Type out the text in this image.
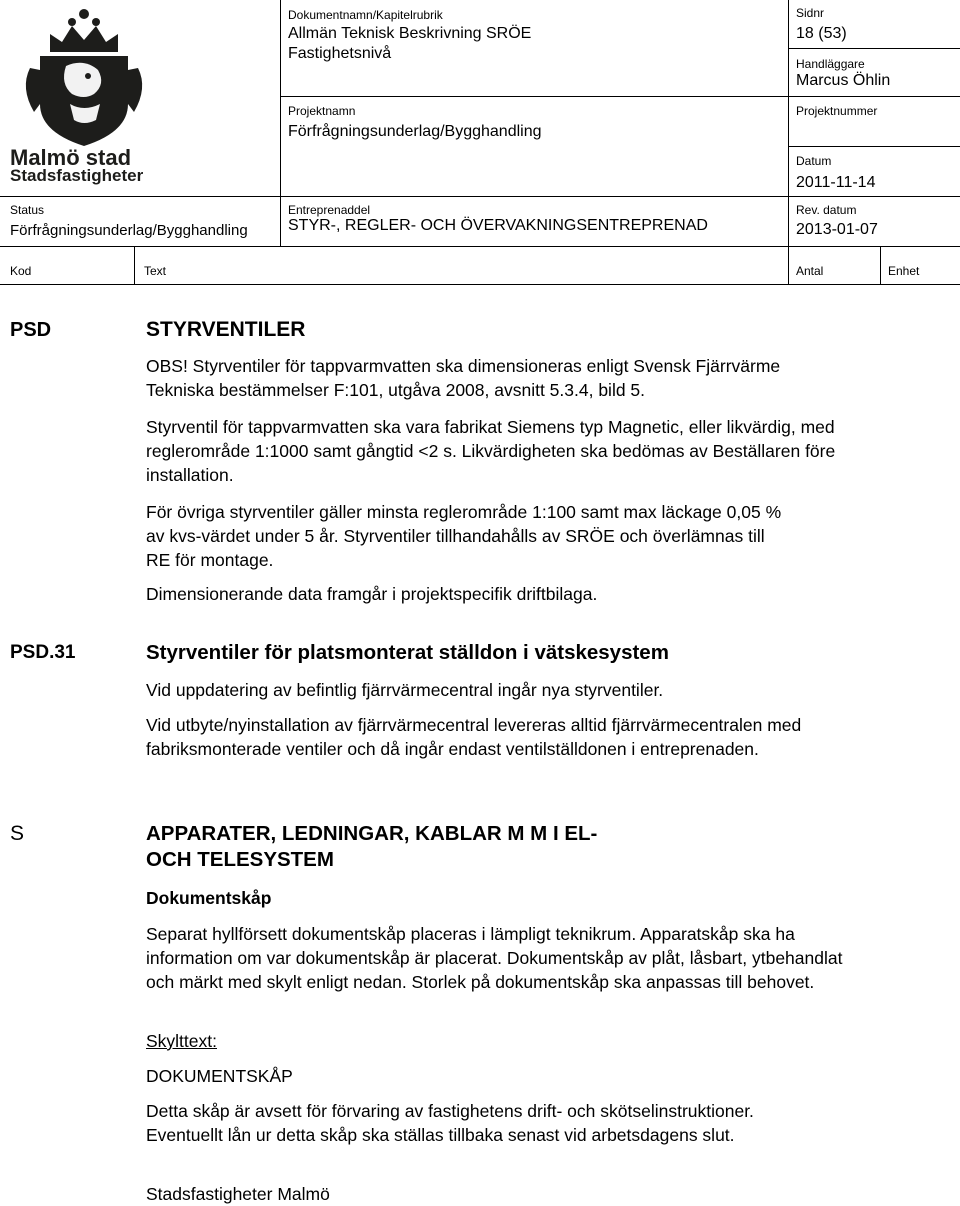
Malmö stad
Stadsfastigheter
Dokumentnamn/Kapitelrubrik
Allmän Teknisk Beskrivning SRÖE
Fastighetsnivå
Sidnr
18 (53)
Handläggare
Marcus Öhlin
Projektnamn
Förfrågningsunderlag/Bygghandling
Projektnummer
Datum
2011-11-14
Status
Förfrågningsunderlag/Bygghandling
Entreprenaddel
STYR-, REGLER- OCH ÖVERVAKNINGSENTREPRENAD
Rev. datum
2013-01-07
Kod	Text	Antal	Enhet
PSD	STYRVENTILER

OBS! Styrventiler för tappvarmvatten ska dimensioneras enligt Svensk Fjärrvärme Tekniska bestämmelser F:101, utgåva 2008, avsnitt 5.3.4, bild 5.

Styrventil för tappvarmvatten ska vara fabrikat Siemens typ Magnetic, eller likvärdig, med reglerområde 1:1000 samt gångtid <2 s. Likvärdigheten ska bedömas av Beställaren före installation.

För övriga styrventiler gäller minsta reglerområde 1:100 samt max läckage 0,05 % av kvs-värdet under 5 år. Styrventiler tillhandahålls av SRÖE och överlämnas till RE för montage.

Dimensionerande data framgår i projektspecifik driftbilaga.

PSD.31	Styrventiler för platsmonterat ställdon i vätskesystem

Vid uppdatering av befintlig fjärrvärmecentral ingår nya styrventiler.

Vid utbyte/nyinstallation av fjärrvärmecentral levereras alltid fjärrvärmecentralen med fabriksmonterade ventiler och då ingår endast ventilställdonen i entreprenaden.

S	APPARATER, LEDNINGAR, KABLAR M M I EL-
OCH TELESYSTEM
Dokumentskåp

Separat hyllförsett dokumentskåp placeras i lämpligt teknikrum. Apparatskåp ska ha information om var dokumentskåp är placerat. Dokumentskåp av plåt, låsbart, ytbehandlat och märkt med skylt enligt nedan. Storlek på dokumentskåp ska anpassas till behovet.

Skylttext:
DOKUMENTSKÅP

Detta skåp är avsett för förvaring av fastighetens drift- och skötselinstruktioner. Eventuellt lån ur detta skåp ska ställas tillbaka senast vid arbetsdagens slut.

Stadsfastigheter Malmö
